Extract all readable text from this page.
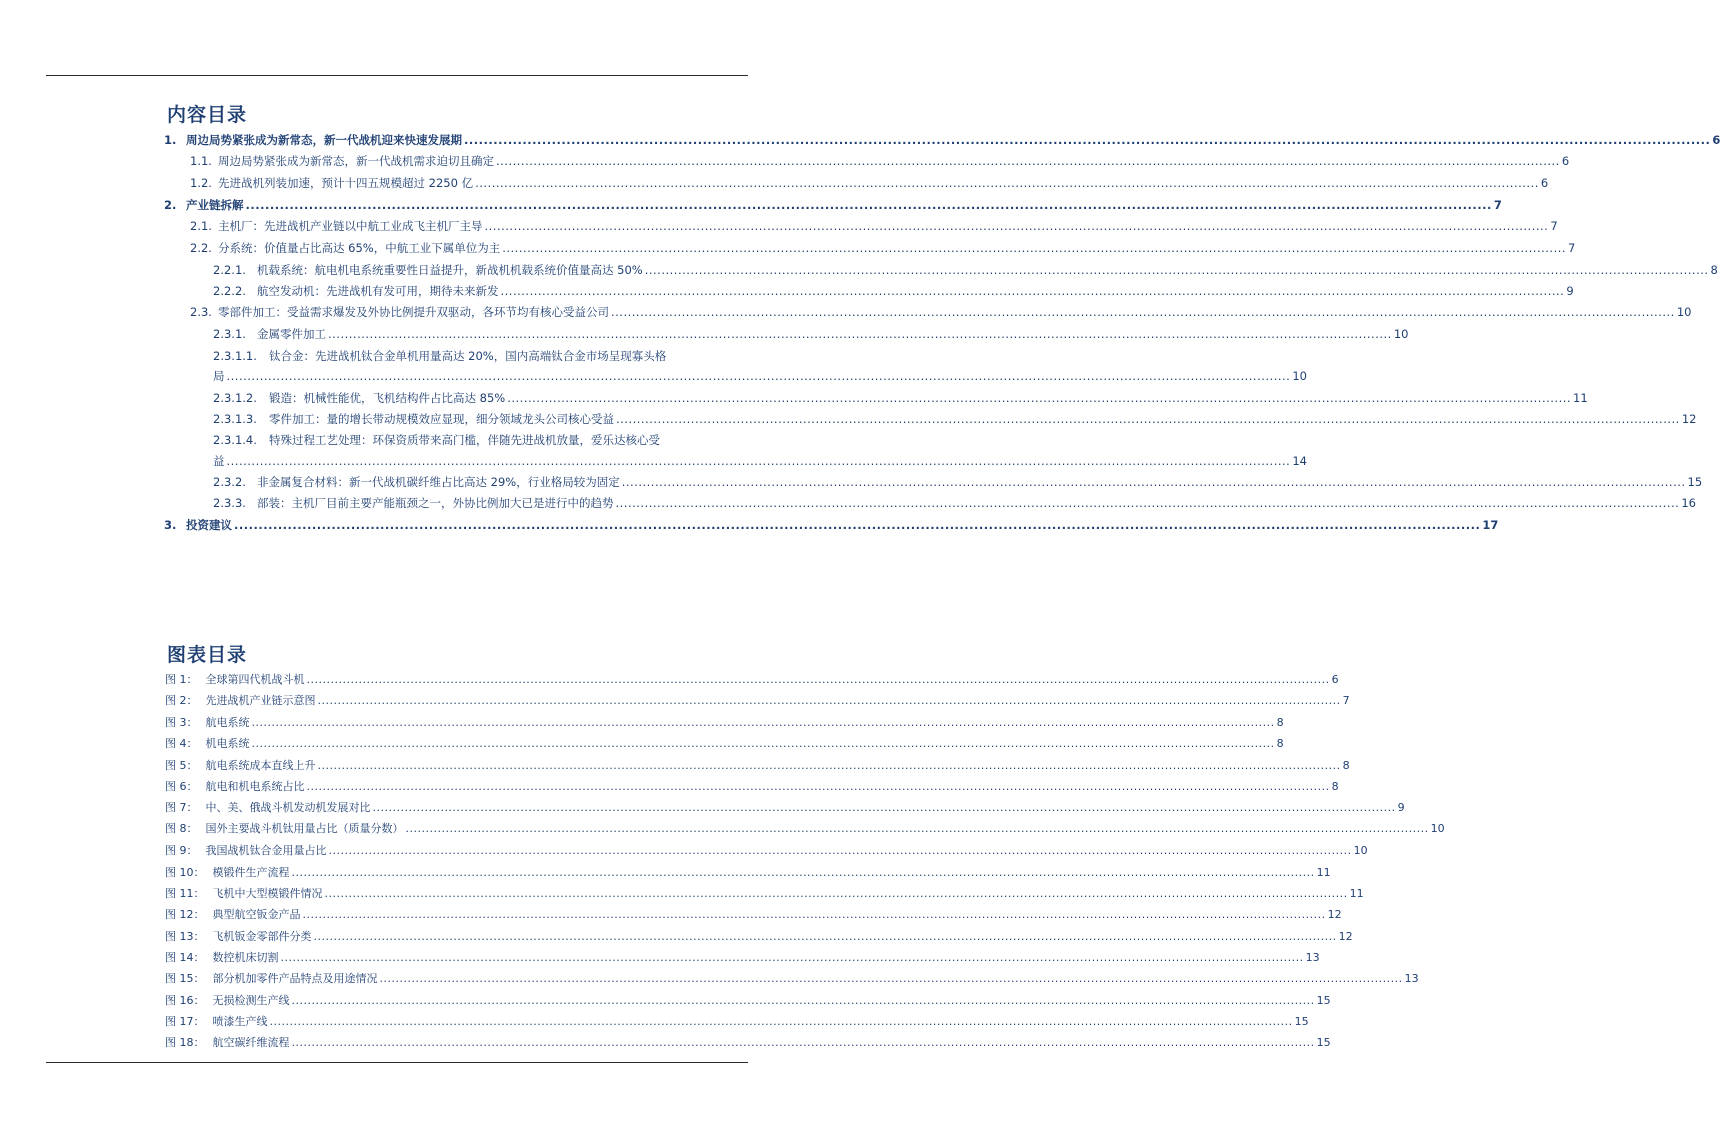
内容目录
1. 周边局势紧张成为新常态，新一代战机迎来快速发展期 .....	6
1.1. 周边局势紧张成为新常态，新一代战机需求迫切且确定 .....	6
1.2. 先进战机列装加速，预计十四五规模超过 2250 亿 .....	6
2. 产业链拆解 .....	7
2.1. 主机厂：先进战机产业链以中航工业成飞主机厂主导 .....	7
2.2. 分系统：价值量占比高达 65%，中航工业下属单位为主 .....	7
2.2.1. 机载系统：航电机电系统重要性日益提升，新战机机载系统价值量高达 50% .....	8
2.2.2. 航空发动机：先进战机有发可用，期待未来新发 .....	9
2.3. 零部件加工：受益需求爆发及外协比例提升双驱动，各环节均有核心受益公司 .....	10
2.3.1. 金属零件加工 .....	10
2.3.1.1.	钛合金：先进战机钛合金单机用量高达 20%，国内高端钛合金市场呈现寡头格
局 .....	10
2.3.1.2.	锻造：机械性能优，飞机结构件占比高达 85% .....	11
2.3.1.3.	零件加工：量的增长带动规模效应显现，细分领域龙头公司核心受益 .....	12
2.3.1.4.	特殊过程工艺处理：环保资质带来高门槛，伴随先进战机放量，爱乐达核心受
益 .....	14
2.3.2. 非金属复合材料：新一代战机碳纤维占比高达 29%，行业格局较为固定 .....	15
2.3.3. 部装：主机厂目前主要产能瓶颈之一，外协比例加大已是进行中的趋势 .....	16
3. 投资建议 .....	17
图表目录
图 1： 全球第四代机战斗机 .....	6
图 2： 先进战机产业链示意图 .....	7
图 3： 航电系统 .....	8
图 4： 机电系统 .....	8
图 5： 航电系统成本直线上升 .....	8
图 6： 航电和机电系统占比 .....	8
图 7： 中、美、俄战斗机发动机发展对比 .....	9
图 8： 国外主要战斗机钛用量占比（质量分数） .....	10
图 9： 我国战机钛合金用量占比 .....	10
图 10： 模锻件生产流程 .....	11
图 11： 飞机中大型模锻件情况 .....	11
图 12： 典型航空钣金产品 .....	12
图 13： 飞机钣金零部件分类 .....	12
图 14： 数控机床切割 .....	13
图 15： 部分机加零件产品特点及用途情况 .....	13
图 16： 无损检测生产线 .....	15
图 17： 喷漆生产线 .....	15
图 18： 航空碳纤维流程 .....	15
